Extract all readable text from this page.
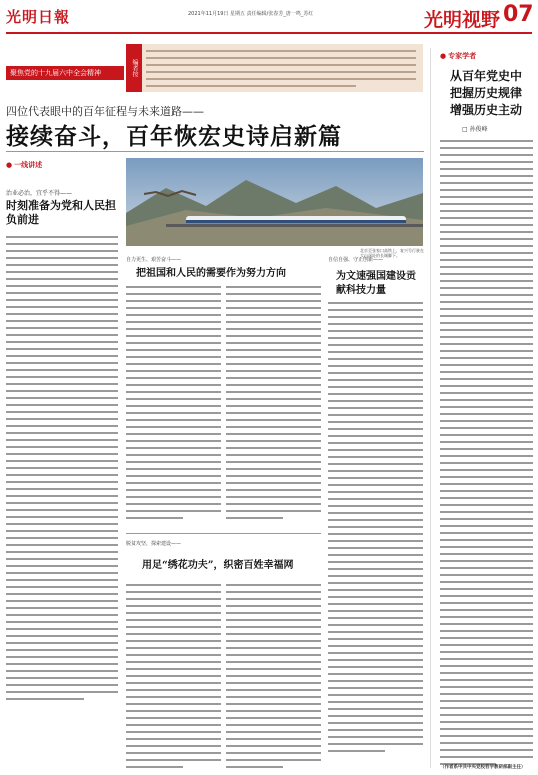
光明日報	2021年11月19日 星期五 责任编辑/张春芳_唐一鸣_苏红	光明视野 07
编者按
聚焦党的十九届六中全会精神
四位代表眼中的百年征程与未来道路——
接续奋斗，百年恢宏史诗启新篇
● 一线讲述
治业必治，宜乎不得——
时刻准备为党和人民担负前进
北京至张家口高铁上，复兴号行驶在大山深处的长城脚下。
把祖国和人民的需要作为努力方向
自力更生、艰苦奋斗——	自信自强、守正创新——
为文速强国建设贡献科技力量
脱贫攻坚，探索建设——
用足“绣花功夫”，织密百姓幸福网
● 专家学者
从百年党史中
把握历史规律
增强历史主动
□ 孙俊峰
（作者系中共中央党校哲学教研部副主任）
